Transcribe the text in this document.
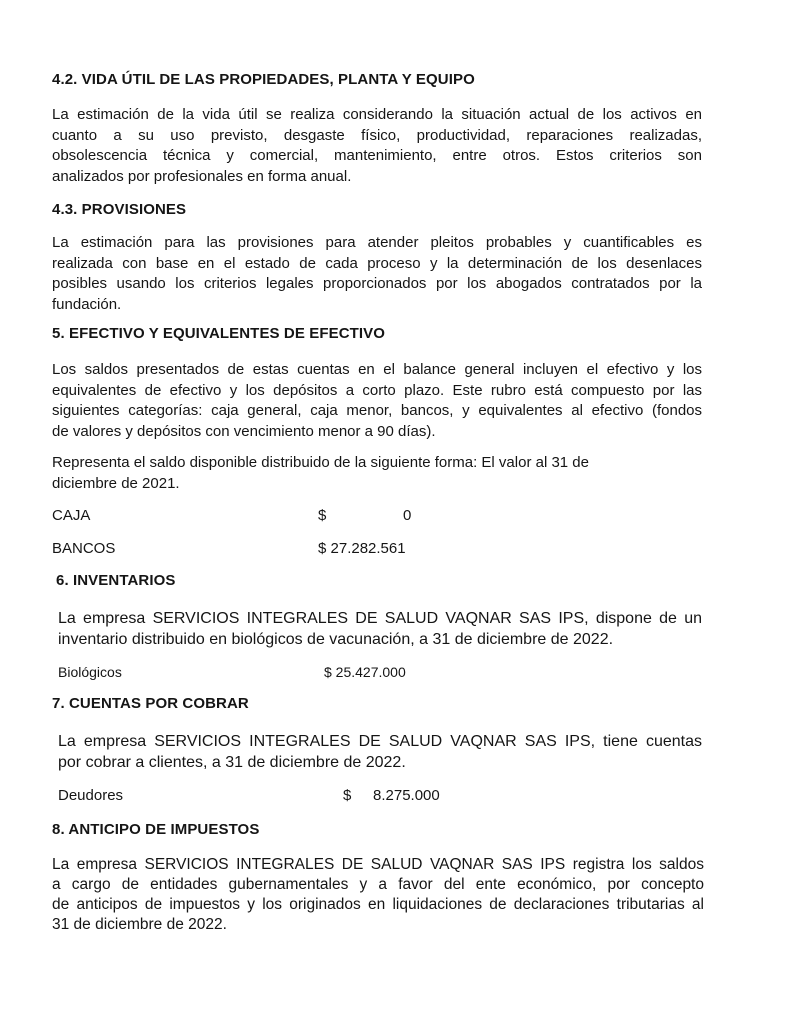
4.2. VIDA ÚTIL DE LAS PROPIEDADES, PLANTA Y EQUIPO
La estimación de la vida útil se realiza considerando la situación actual de los activos en
cuanto a su uso previsto, desgaste físico, productividad, reparaciones realizadas,
obsolescencia técnica y comercial, mantenimiento, entre otros. Estos criterios son
analizados por profesionales en forma anual.
4.3. PROVISIONES
La estimación para las provisiones para atender pleitos probables y cuantificables es
realizada con base en el estado de cada proceso y la determinación de los desenlaces
posibles usando los criterios legales proporcionados por los abogados contratados por la
fundación.
5. EFECTIVO Y EQUIVALENTES DE EFECTIVO
Los saldos presentados de estas cuentas en el balance general incluyen el efectivo y los
equivalentes de efectivo y los depósitos a corto plazo. Este rubro está compuesto por las
siguientes categorías: caja general, caja menor, bancos, y equivalentes al efectivo (fondos
de valores y depósitos con vencimiento menor a 90 días).
Representa el saldo disponible distribuido de la siguiente forma: El valor al 31 de
diciembre de 2021.
CAJA	$	0
BANCOS	$ 27.282.561
6. INVENTARIOS
La empresa SERVICIOS INTEGRALES DE SALUD VAQNAR SAS IPS, dispone de un
inventario distribuido en biológicos de vacunación, a 31 de diciembre de 2022.
Biológicos	$ 25.427.000
7. CUENTAS POR COBRAR
La empresa SERVICIOS INTEGRALES DE SALUD VAQNAR SAS IPS, tiene cuentas
por cobrar a clientes, a 31 de diciembre de 2022.
Deudores	$ 8.275.000
8. ANTICIPO DE IMPUESTOS
La empresa SERVICIOS INTEGRALES DE SALUD VAQNAR SAS IPS registra los saldos
a cargo de entidades gubernamentales y a favor del ente económico, por concepto
de anticipos de impuestos y los originados en liquidaciones de declaraciones tributarias al
31 de diciembre de 2022.
